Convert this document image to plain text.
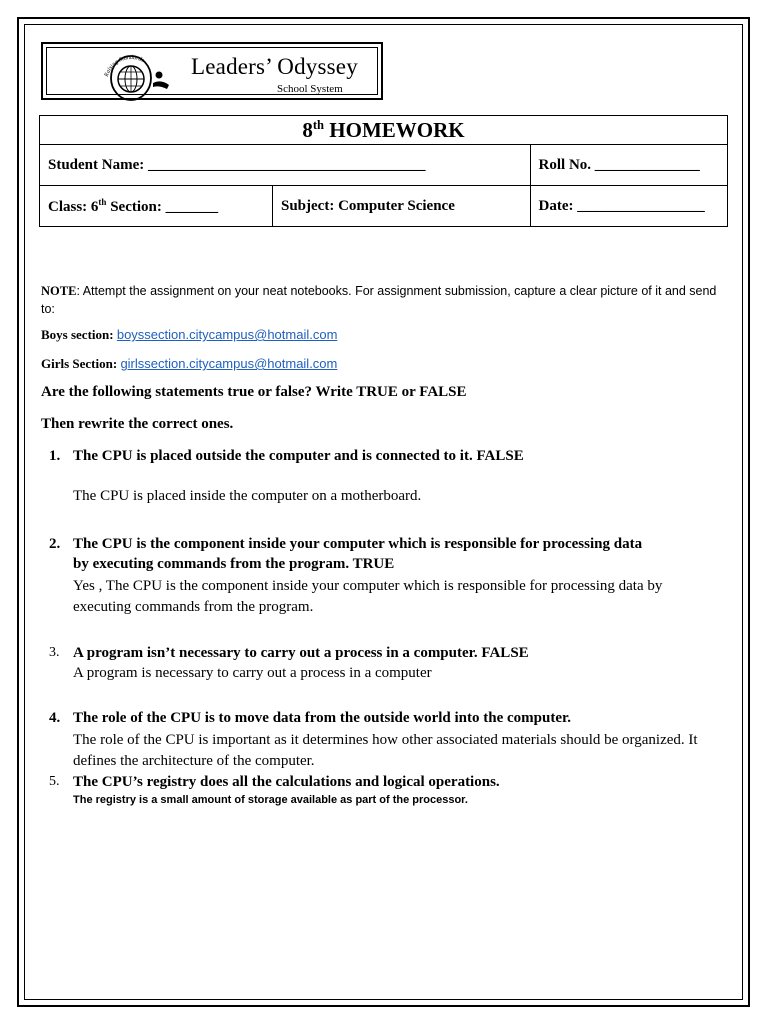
Raising Standards Leaders’ Odyssey
School System
8th HOMEWORK		
Student Name: _____________________________________		Roll No. ______________
Class: 6th Section: _______	Subject: Computer Science	Date: _________________
NOTE: Attempt the assignment on your neat notebooks. For assignment submission, capture a clear picture of it and send to:
Boys section: boyssection.citycampus@hotmail.com
Girls Section: girlssection.citycampus@hotmail.com
Are the following statements true or false? Write TRUE or FALSE
Then rewrite the correct ones.
1. The CPU is placed outside the computer and is connected to it. FALSE
The CPU is placed inside the computer on a motherboard.
2. The CPU is the component inside your computer which is responsible for processing data by executing commands from the program. TRUE
Yes , The CPU is the component inside your computer which is responsible for processing data by executing commands from the program.
3. A program isn’t necessary to carry out a process in a computer. FALSE
A program is necessary to carry out a process in a computer
4. The role of the CPU is to move data from the outside world into the computer.
The role of the CPU is important as it determines how other associated materials should be organized. It defines the architecture of the computer.
5. The CPU’s registry does all the calculations and logical operations.
The registry is a small amount of storage available as part of the processor.
